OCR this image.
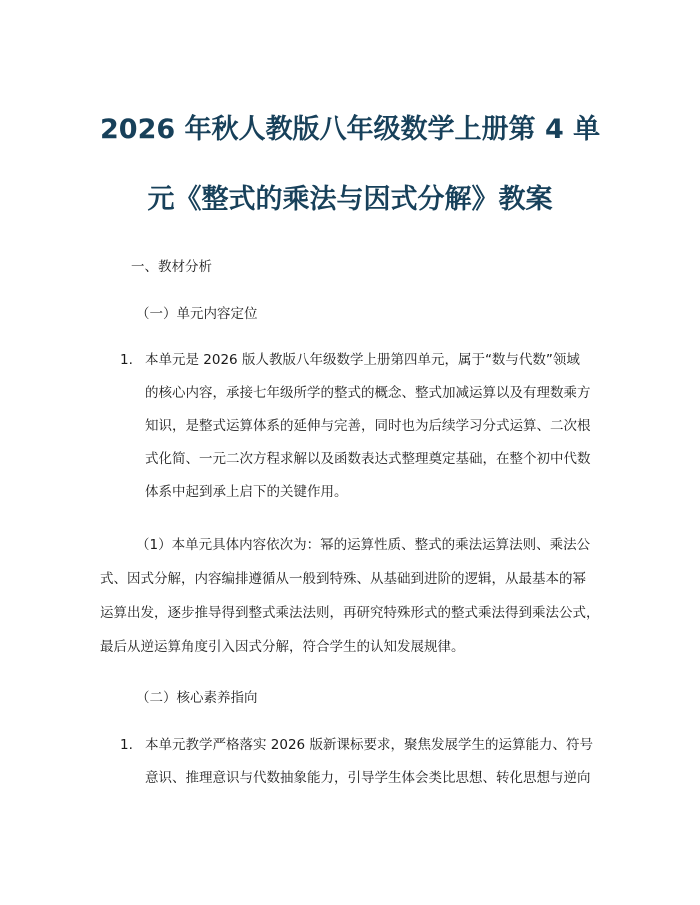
2026 年秋人教版八年级数学上册第 4 单
元《整式的乘法与因式分解》教案
一、教材分析
（一）单元内容定位
1. 本单元是 2026 版人教版八年级数学上册第四单元，属于“数与代数”领域
的核心内容，承接七年级所学的整式的概念、整式加减运算以及有理数乘方
知识，是整式运算体系的延伸与完善，同时也为后续学习分式运算、二次根
式化简、一元二次方程求解以及函数表达式整理奠定基础，在整个初中代数
体系中起到承上启下的关键作用。
（1）本单元具体内容依次为：幂的运算性质、整式的乘法运算法则、乘法公
式、因式分解，内容编排遵循从一般到特殊、从基础到进阶的逻辑，从最基本的幂
运算出发，逐步推导得到整式乘法法则，再研究特殊形式的整式乘法得到乘法公式，
最后从逆运算角度引入因式分解，符合学生的认知发展规律。
（二）核心素养指向
1. 本单元教学严格落实 2026 版新课标要求，聚焦发展学生的运算能力、符号
意识、推理意识与代数抽象能力，引导学生体会类比思想、转化思想与逆向
